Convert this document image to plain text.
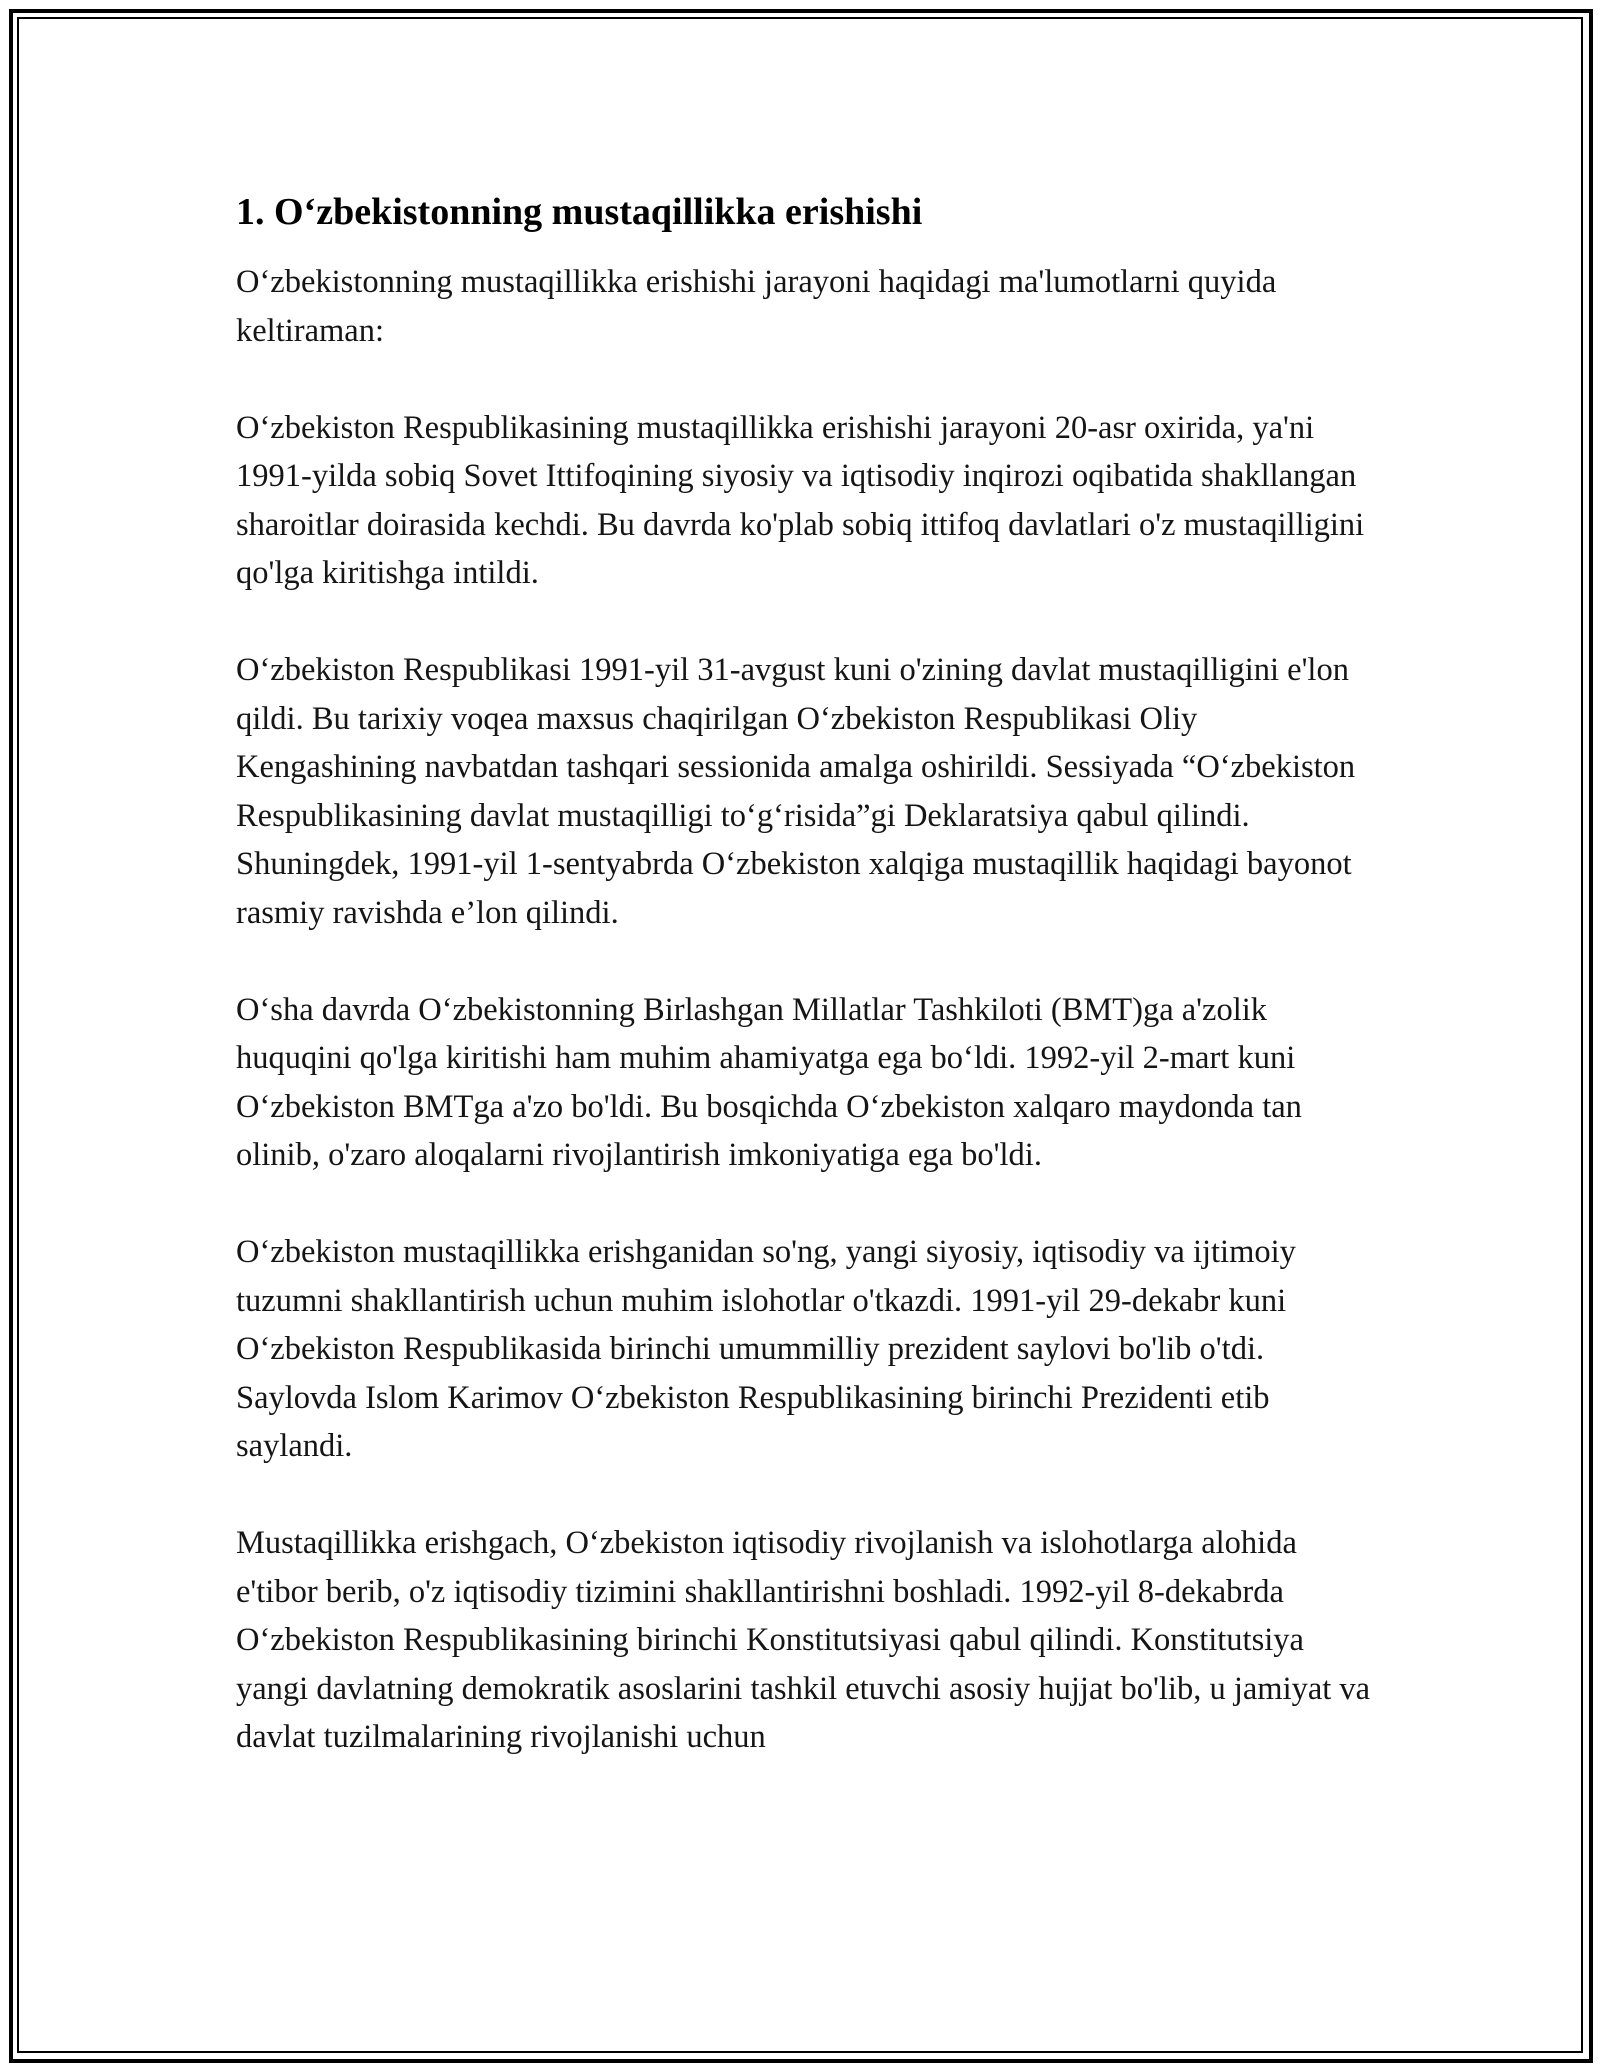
1. O‘zbekistonning mustaqillikka erishishi

O‘zbekistonning mustaqillikka erishishi jarayoni haqidagi ma'lumotlarni quyida keltiraman:

O‘zbekiston Respublikasining mustaqillikka erishishi jarayoni 20-asr oxirida, ya'ni 1991-yilda sobiq Sovet Ittifoqining siyosiy va iqtisodiy inqirozi oqibatida shakllangan sharoitlar doirasida kechdi. Bu davrda ko'plab sobiq ittifoq davlatlari o'z mustaqilligini qo'lga kiritishga intildi.

O‘zbekiston Respublikasi 1991-yil 31-avgust kuni o'zining davlat mustaqilligini e'lon qildi. Bu tarixiy voqea maxsus chaqirilgan O‘zbekiston Respublikasi Oliy Kengashining navbatdan tashqari sessionida amalga oshirildi. Sessiyada “O‘zbekiston Respublikasining davlat mustaqilligi to‘g‘risida”gi Deklaratsiya qabul qilindi. Shuningdek, 1991-yil 1-sentyabrda O‘zbekiston xalqiga mustaqillik haqidagi bayonot rasmiy ravishda e’lon qilindi.

O‘sha davrda O‘zbekistonning Birlashgan Millatlar Tashkiloti (BMT)ga a'zolik huquqini qo'lga kiritishi ham muhim ahamiyatga ega bo‘ldi. 1992-yil 2-mart kuni O‘zbekiston BMTga a'zo bo'ldi. Bu bosqichda O‘zbekiston xalqaro maydonda tan olinib, o'zaro aloqalarni rivojlantirish imkoniyatiga ega bo'ldi.

O‘zbekiston mustaqillikka erishganidan so'ng, yangi siyosiy, iqtisodiy va ijtimoiy tuzumni shakllantirish uchun muhim islohotlar o'tkazdi. 1991-yil 29-dekabr kuni O‘zbekiston Respublikasida birinchi umummilliy prezident saylovi bo'lib o'tdi. Saylovda Islom Karimov O‘zbekiston Respublikasining birinchi Prezidenti etib saylandi.

Mustaqillikka erishgach, O‘zbekiston iqtisodiy rivojlanish va islohotlarga alohida e'tibor berib, o'z iqtisodiy tizimini shakllantirishni boshladi. 1992-yil 8-dekabrda O‘zbekiston Respublikasining birinchi Konstitutsiyasi qabul qilindi. Konstitutsiya yangi davlatning demokratik asoslarini tashkil etuvchi asosiy hujjat bo'lib, u jamiyat va davlat tuzilmalarining rivojlanishi uchun
